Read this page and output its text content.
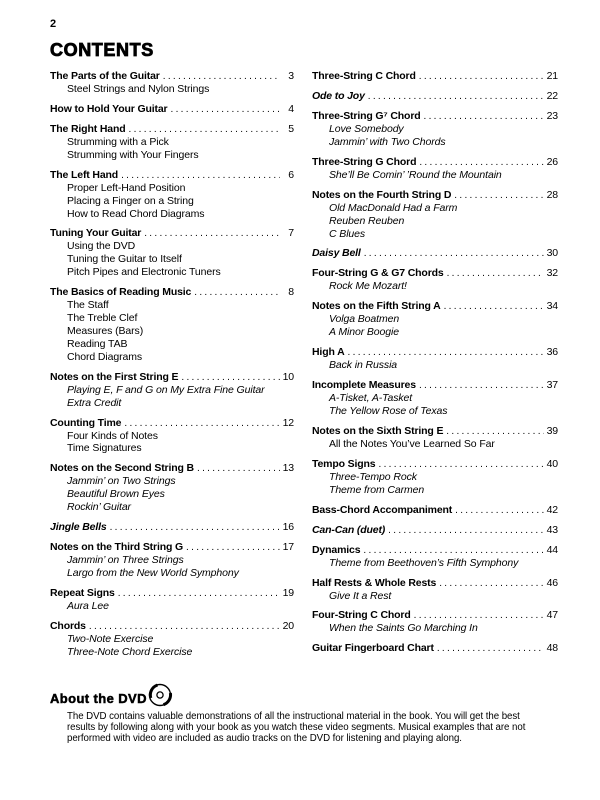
2
CONTENTS
The Parts of the Guitar .....	3
Steel Strings and Nylon Strings
How to Hold Your Guitar .....	4
The Right Hand .....	5
Strumming with a Pick
Strumming with Your Fingers
The Left Hand .....	6
Proper Left-Hand Position
Placing a Finger on a String
How to Read Chord Diagrams
Tuning Your Guitar .....	7
Using the DVD
Tuning the Guitar to Itself
Pitch Pipes and Electronic Tuners
The Basics of Reading Music .....	8
The Staff
The Treble Clef
Measures (Bars)
Reading TAB
Chord Diagrams
Notes on the First String E .....	10
Playing E, F and G on My Extra Fine Guitar
Extra Credit
Counting Time .....	12
Four Kinds of Notes
Time Signatures
Notes on the Second String B .....	13
Jammin’ on Two Strings
Beautiful Brown Eyes
Rockin’ Guitar
Jingle Bells .....	16
Notes on the Third String G .....	17
Jammin’ on Three Strings
Largo from the New World Symphony
Repeat Signs .....	19
Aura Lee
Chords .....	20
Two-Note Exercise
Three-Note Chord Exercise
Three-String C Chord .....	21
Ode to Joy .....	22
Three-String G⁷ Chord .....	23
Love Somebody
Jammin’ with Two Chords
Three-String G Chord .....	26
She’ll Be Comin’ ’Round the Mountain
Notes on the Fourth String D .....	28
Old MacDonald Had a Farm
Reuben Reuben
C Blues
Daisy Bell .....	30
Four-String G & G7 Chords .....	32
Rock Me Mozart!
Notes on the Fifth String A .....	34
Volga Boatmen
A Minor Boogie
High A .....	36
Back in Russia
Incomplete Measures .....	37
A-Tisket, A-Tasket
The Yellow Rose of Texas
Notes on the Sixth String E .....	39
All the Notes You’ve Learned So Far
Tempo Signs .....	40
Three-Tempo Rock
Theme from Carmen
Bass-Chord Accompaniment .....	42
Can-Can (duet) .....	43
Dynamics .....	44
Theme from Beethoven’s Fifth Symphony
Half Rests & Whole Rests .....	46
Give It a Rest
Four-String C Chord .....	47
When the Saints Go Marching In
Guitar Fingerboard Chart .....	48
About the DVD

The DVD contains valuable demonstrations of all the instructional material in the book. You will get the best results by following along with your book as you watch these video segments. Musical examples that are not performed with video are included as audio tracks on the DVD for listening and playing along.
